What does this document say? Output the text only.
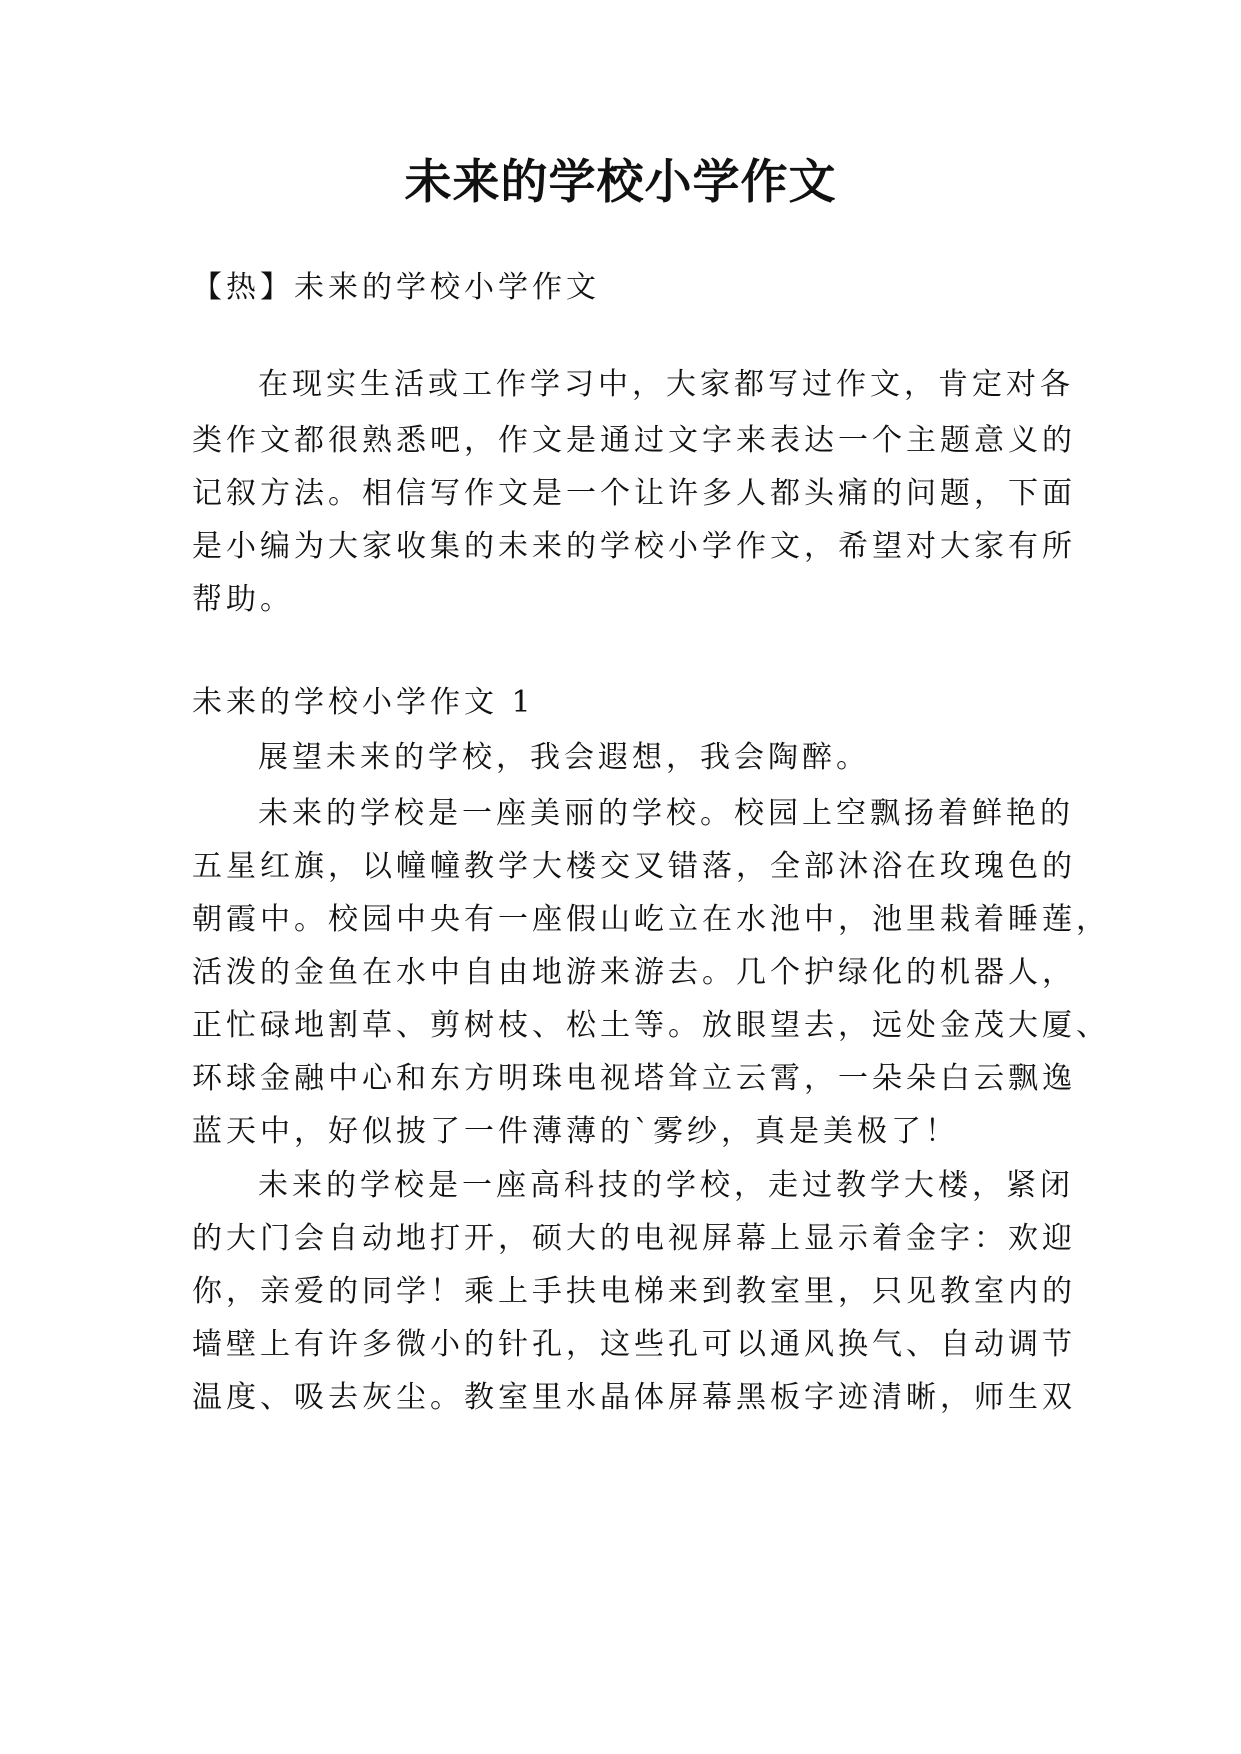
未来的学校小学作文
【热】未来的学校小学作文
在现实生活或工作学习中，大家都写过作文，肯定对各
类作文都很熟悉吧，作文是通过文字来表达一个主题意义的
记叙方法。相信写作文是一个让许多人都头痛的问题，下面
是小编为大家收集的未来的学校小学作文，希望对大家有所
帮助。
未来的学校小学作文 1
展望未来的学校，我会遐想，我会陶醉。
未来的学校是一座美丽的学校。校园上空飘扬着鲜艳的
五星红旗，以幢幢教学大楼交叉错落，全部沐浴在玫瑰色的
朝霞中。校园中央有一座假山屹立在水池中，池里栽着睡莲，
活泼的金鱼在水中自由地游来游去。几个护绿化的机器人，
正忙碌地割草、剪树枝、松土等。放眼望去，远处金茂大厦、
环球金融中心和东方明珠电视塔耸立云霄，一朵朵白云飘逸
蓝天中，好似披了一件薄薄的`雾纱，真是美极了！
未来的学校是一座高科技的学校，走过教学大楼，紧闭
的大门会自动地打开，硕大的电视屏幕上显示着金字：欢迎
你，亲爱的同学！乘上手扶电梯来到教室里，只见教室内的
墙壁上有许多微小的针孔，这些孔可以通风换气、自动调节
温度、吸去灰尘。教室里水晶体屏幕黑板字迹清晰，师生双
